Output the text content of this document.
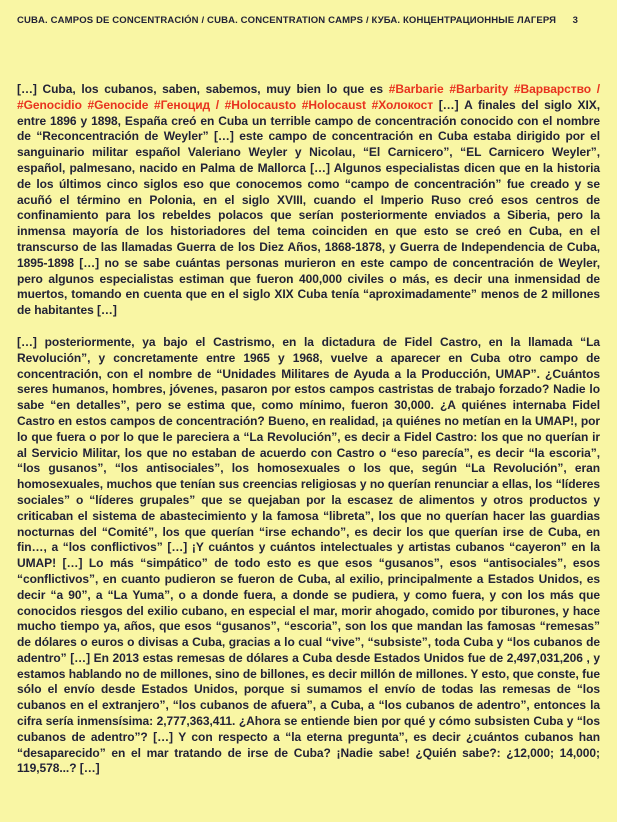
CUBA. CAMPOS DE CONCENTRACIÓN / CUBA. CONCENTRATION CAMPS / КУБА. КОНЦЕНТРАЦИОННЫЕ ЛАГЕРЯ 3

[…] Cuba, los cubanos, saben, sabemos, muy bien lo que es #Barbarie #Barbarity #Варварство / #Genocidio #Genocide #Геноцид / #Holocausto #Holocaust #Холокост […] A finales del siglo XIX, entre 1896 y 1898, España creó en Cuba un terrible campo de concentración conocido con el nombre de “Reconcentración de Weyler” […] este campo de concentración en Cuba estaba dirigido por el sanguinario militar español Valeriano Weyler y Nicolau, “El Carnicero”, “EL Carnicero Weyler”, español, palmesano, nacido en Palma de Mallorca […] Algunos especialistas dicen que en la historia de los últimos cinco siglos eso que conocemos como “campo de concentración” fue creado y se acuñó el término en Polonia, en el siglo XVIII, cuando el Imperio Ruso creó esos centros de confinamiento para los rebeldes polacos que serían posteriormente enviados a Siberia, pero la inmensa mayoría de los historiadores del tema coinciden en que esto se creó en Cuba, en el transcurso de las llamadas Guerra de los Diez Años, 1868-1878, y Guerra de Independencia de Cuba, 1895-1898 […] no se sabe cuántas personas murieron en este campo de concentración de Weyler, pero algunos especialistas estiman que fueron 400,000 civiles o más, es decir una inmensidad de muertos, tomando en cuenta que en el siglo XIX Cuba tenía “aproximadamente” menos de 2 millones de habitantes […]

[…] posteriormente, ya bajo el Castrismo, en la dictadura de Fidel Castro, en la llamada “La Revolución”, y concretamente entre 1965 y 1968, vuelve a aparecer en Cuba otro campo de concentración, con el nombre de “Unidades Militares de Ayuda a la Producción, UMAP”. ¿Cuántos seres humanos, hombres, jóvenes, pasaron por estos campos castristas de trabajo forzado? Nadie lo sabe “en detalles”, pero se estima que, como mínimo, fueron 30,000. ¿A quiénes internaba Fidel Castro en estos campos de concentración? Bueno, en realidad, ¡a quiénes no metían en la UMAP!, por lo que fuera o por lo que le pareciera a “La Revolución”, es decir a Fidel Castro: los que no querían ir al Servicio Militar, los que no estaban de acuerdo con Castro o “eso parecía”, es decir “la escoria”, “los gusanos”, “los antisociales”, los homosexuales o los que, según “La Revolución”, eran homosexuales, muchos que tenían sus creencias religiosas y no querían renunciar a ellas, los “líderes sociales” o “líderes grupales” que se quejaban por la escasez de alimentos y otros productos y criticaban el sistema de abastecimiento y la famosa “libreta”, los que no querían hacer las guardias nocturnas del “Comité”, los que querían “irse echando”, es decir los que querían irse de Cuba, en fin…, a “los conflictivos” […] ¡Y cuántos y cuántos intelectuales y artistas cubanos “cayeron” en la UMAP! […] Lo más “simpático” de todo esto es que esos “gusanos”, esos “antisociales”, esos “conflictivos”, en cuanto pudieron se fueron de Cuba, al exilio, principalmente a Estados Unidos, es decir “a 90”, a “La Yuma”, o a donde fuera, a donde se pudiera, y como fuera, y con los más que conocidos riesgos del exilio cubano, en especial el mar, morir ahogado, comido por tiburones, y hace mucho tiempo ya, años, que esos “gusanos”, “escoria”, son los que mandan las famosas “remesas” de dólares o euros o divisas a Cuba, gracias a lo cual “vive”, “subsiste”, toda Cuba y “los cubanos de adentro” […] En 2013 estas remesas de dólares a Cuba desde Estados Unidos fue de 2,497,031,206 , y estamos hablando no de millones, sino de billones, es decir millón de millones. Y esto, que conste, fue sólo el envío desde Estados Unidos, porque si sumamos el envío de todas las remesas de “los cubanos en el extranjero”, “los cubanos de afuera”, a Cuba, a “los cubanos de adentro”, entonces la cifra sería inmensísima: 2,777,363,411. ¿Ahora se entiende bien por qué y cómo subsisten Cuba y “los cubanos de adentro”? […] Y con respecto a “la eterna pregunta”, es decir ¿cuántos cubanos han “desaparecido” en el mar tratando de irse de Cuba? ¡Nadie sabe! ¿Quién sabe?: ¿12,000; 14,000; 119,578...? […]
